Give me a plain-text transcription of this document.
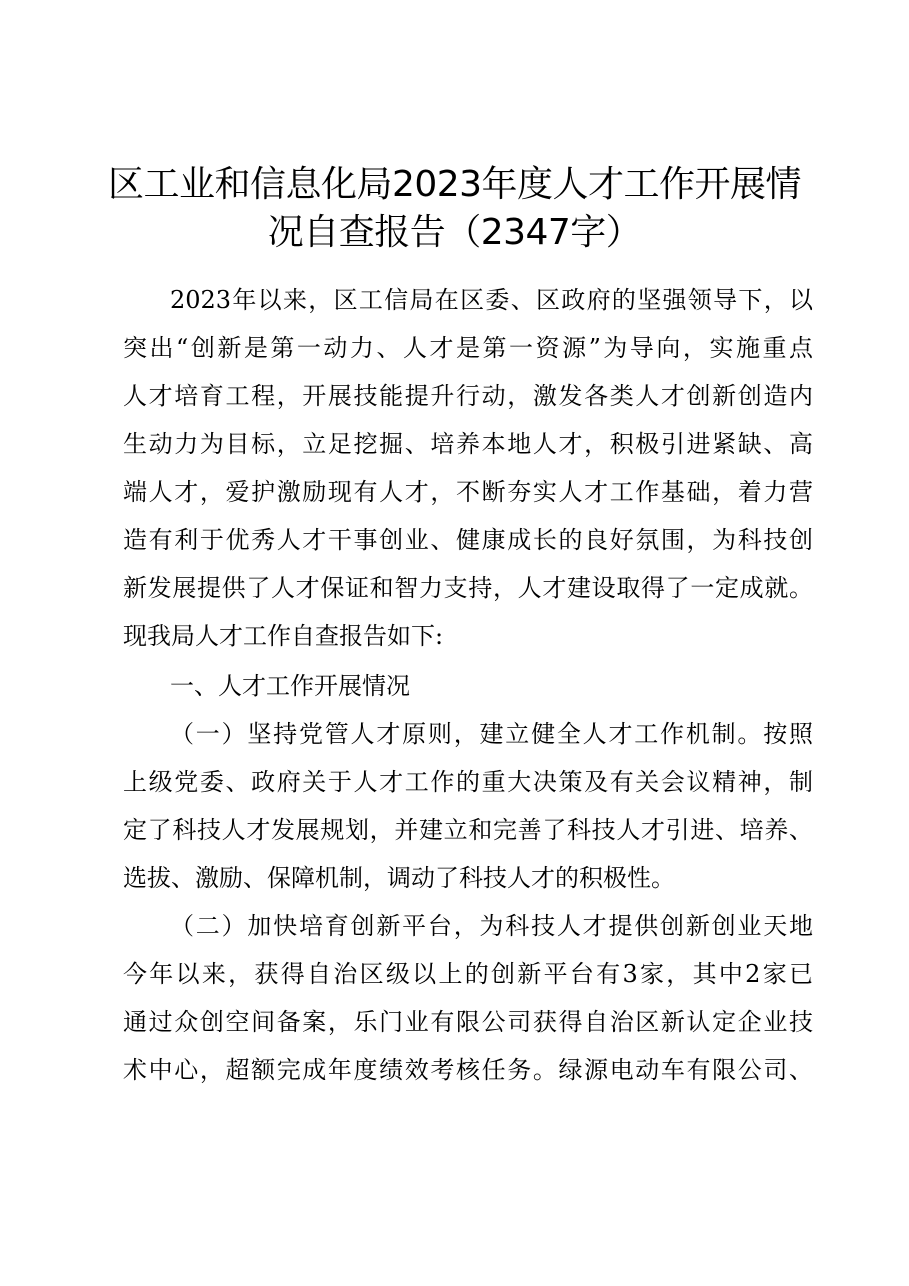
区工业和信息化局2023年度人才工作开展情
况自查报告（2347字）
2023年以来，区工信局在区委、区政府的坚强领导下，以
突出“创新是第一动力、人才是第一资源”为导向，实施重点
人才培育工程，开展技能提升行动，激发各类人才创新创造内
生动力为目标，立足挖掘、培养本地人才，积极引进紧缺、高
端人才，爱护激励现有人才，不断夯实人才工作基础，着力营
造有利于优秀人才干事创业、健康成长的良好氛围，为科技创
新发展提供了人才保证和智力支持，人才建设取得了一定成就。
现我局人才工作自查报告如下:
一、人才工作开展情况
（一）坚持党管人才原则，建立健全人才工作机制。按照
上级党委、政府关于人才工作的重大决策及有关会议精神，制
定了科技人才发展规划，并建立和完善了科技人才引进、培养、
选拔、激励、保障机制，调动了科技人才的积极性。
（二）加快培育创新平台，为科技人才提供创新创业天地
今年以来，获得自治区级以上的创新平台有3家，其中2家已
通过众创空间备案，乐门业有限公司获得自治区新认定企业技
术中心，超额完成年度绩效考核任务。绿源电动车有限公司、
